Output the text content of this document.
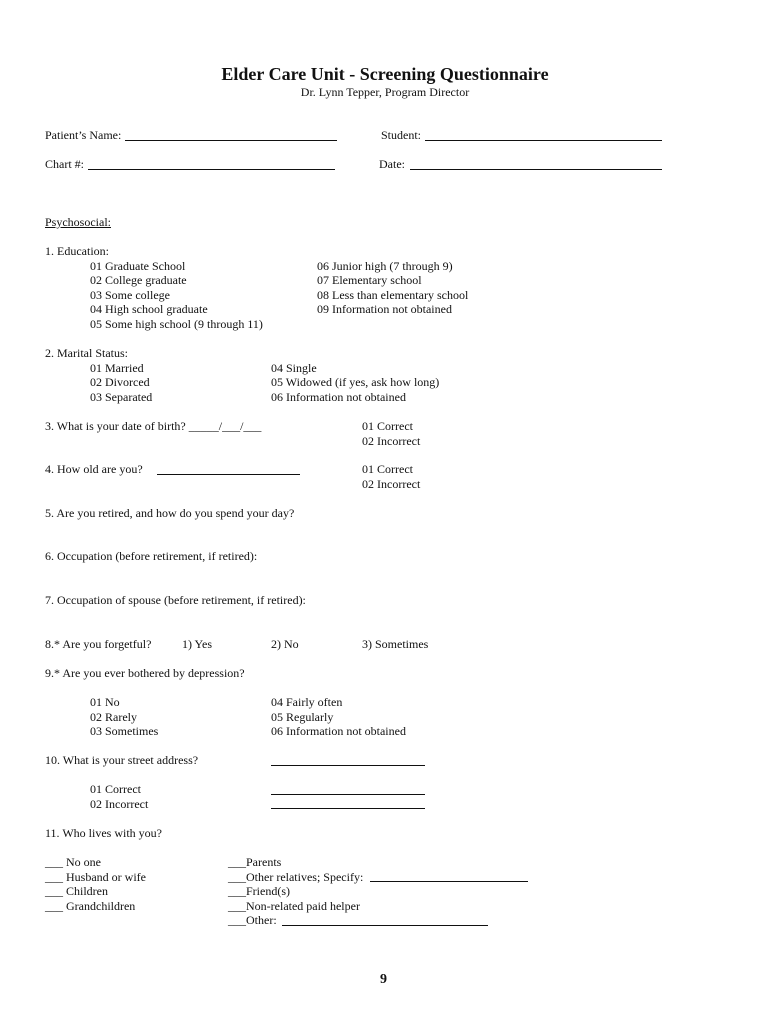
Elder Care Unit - Screening Questionnaire
Dr. Lynn Tepper, Program Director
Patient’s Name:	Student:
Chart #:	Date:
Psychosocial:
1. Education:
01 Graduate School
02 College graduate
03 Some college
04 High school graduate
05 Some high school (9 through 11)
06 Junior high (7 through 9)
07 Elementary school
08 Less than elementary school
09 Information not obtained
2. Marital Status:
01 Married
02 Divorced
03 Separated
04 Single
05 Widowed (if yes, ask how long)
06 Information not obtained
3. What is your date of birth? _____/___/___	01 Correct
02 Incorrect
4. How old are you?	01 Correct
02 Incorrect
5. Are you retired, and how do you spend your day?
6. Occupation (before retirement, if retired):
7. Occupation of spouse (before retirement, if retired):
8.* Are you forgetful?	1) Yes	2) No	3) Sometimes
9.* Are you ever bothered by depression?
01 No
02 Rarely
03 Sometimes
04 Fairly often
05 Regularly
06 Information not obtained
10. What is your street address?
01 Correct
02 Incorrect
11. Who lives with you?
___ No one
___ Husband or wife
___ Children
___ Grandchildren
___Parents
___Other relatives; Specify:
___Friend(s)
___Non-related paid helper
___Other:
9
